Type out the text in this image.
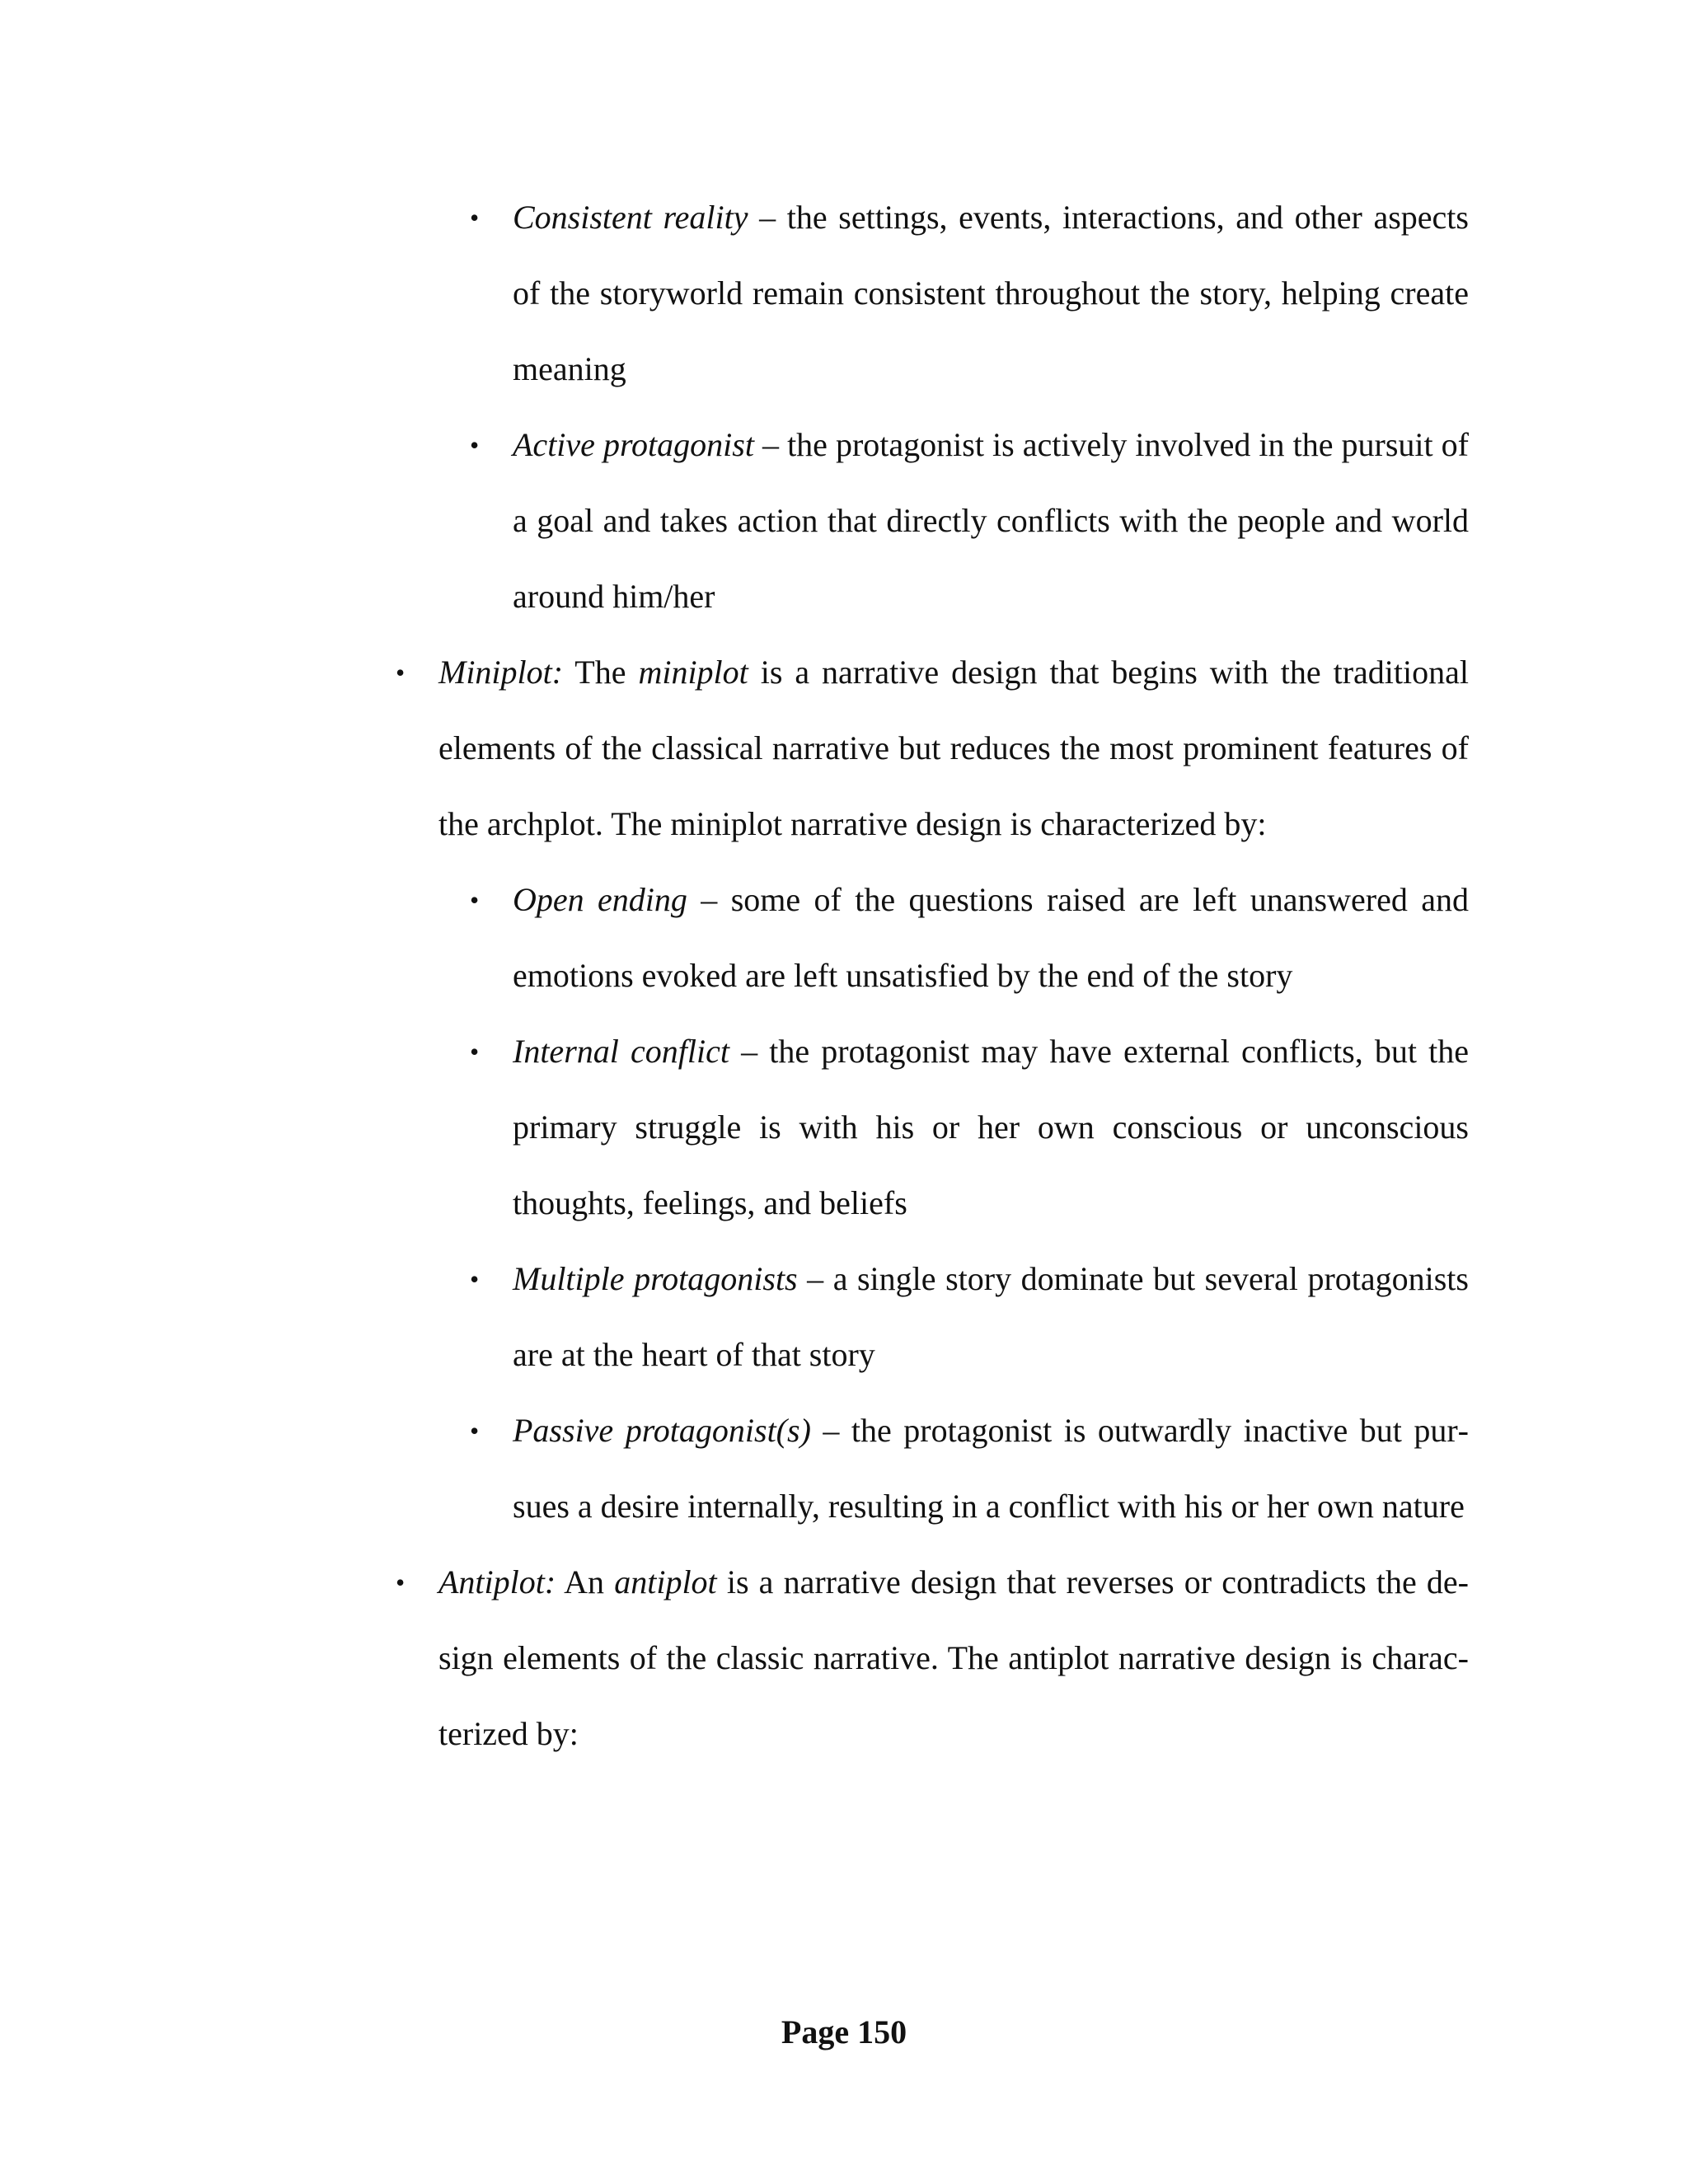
• Consistent reality – the settings, events, interactions, and other aspects of the storyworld remain consistent throughout the story, helping create meaning
• Active protagonist – the protagonist is actively involved in the pursuit of a goal and takes action that directly conflicts with the people and world around him/her
• Miniplot: The miniplot is a narrative design that begins with the traditional elements of the classical narrative but reduces the most prominent features of the archplot. The miniplot narrative design is characterized by:
• Open ending – some of the questions raised are left unanswered and emotions evoked are left unsatisfied by the end of the story
• Internal conflict – the protagonist may have external conflicts, but the primary struggle is with his or her own conscious or unconscious thoughts, feelings, and beliefs
• Multiple protagonists – a single story dominate but several protagonists are at the heart of that story
• Passive protagonist(s) – the protagonist is outwardly inactive but pursues a desire internally, resulting in a conflict with his or her own nature
• Antiplot: An antiplot is a narrative design that reverses or contradicts the design elements of the classic narrative. The antiplot narrative design is characterized by:
Page 150
